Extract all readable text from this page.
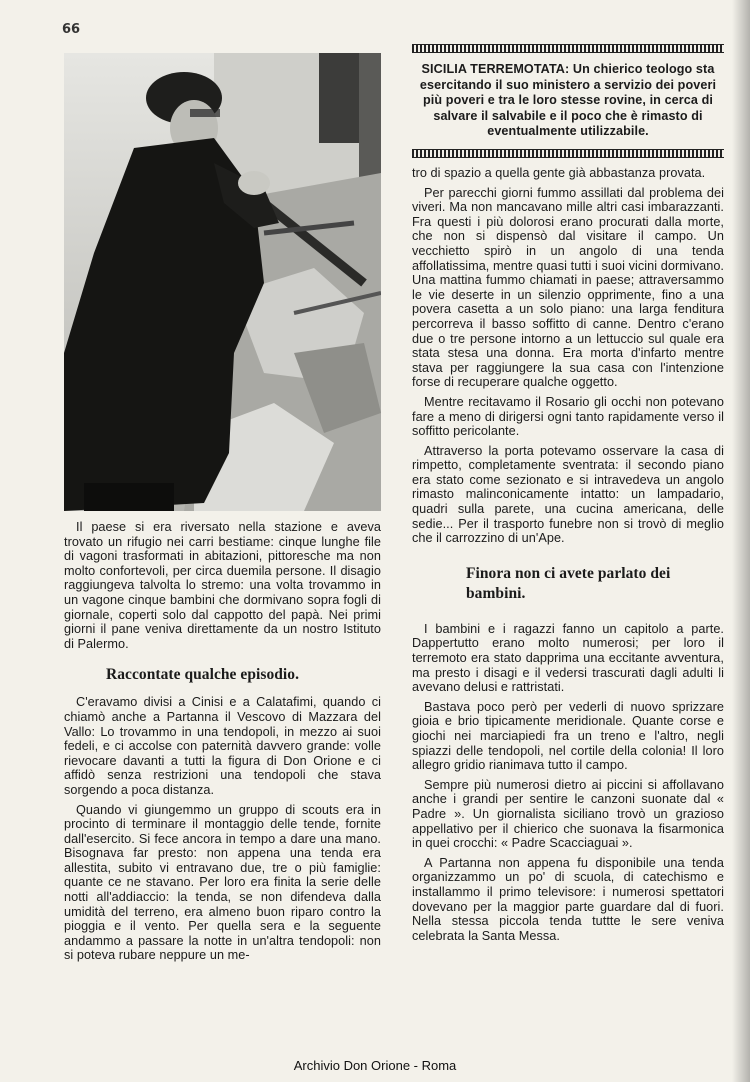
66
SICILIA TERREMOTATA: Un chierico teologo sta esercitando il suo ministero a servizio dei poveri più poveri e tra le loro stesse rovine, in cerca di salvare il salvabile e il poco che è rimasto di eventualmente utilizzabile.

Il paese si era riversato nella stazione e aveva trovato un rifugio nei carri bestiame: cinque lunghe file di vagoni trasformati in abitazioni, pittoresche ma non molto confortevoli, per circa duemila persone. Il disagio raggiungeva talvolta lo stremo: una volta trovammo in un vagone cinque bambini che dormivano sopra fogli di giornale, coperti solo dal cappotto del papà. Nei primi giorni il pane veniva direttamente da un nostro Istituto di Palermo.

Raccontate qualche episodio.

C'eravamo divisi a Cinisi e a Calatafimi, quando ci chiamò anche a Partanna il Vescovo di Mazzara del Vallo: Lo trovammo in una tendopoli, in mezzo ai suoi fedeli, e ci accolse con paternità davvero grande: volle rievocare davanti a tutti la figura di Don Orione e ci affidò senza restrizioni una tendopoli che stava sorgendo a poca distanza.

Quando vi giungemmo un gruppo di scouts era in procinto di terminare il montaggio delle tende, fornite dall'esercito. Si fece ancora in tempo a dare una mano. Bisognava far presto: non appena una tenda era allestita, subito vi entravano due, tre o più famiglie: quante ce ne stavano. Per loro era finita la serie delle notti all'addiaccio: la tenda, se non difendeva dalla umidità del terreno, era almeno buon riparo contro la pioggia e il vento. Per quella sera e la seguente andammo a passare la notte in un'altra tendopoli: non si poteva rubare neppure un me-

tro di spazio a quella gente già abbastanza provata.

Per parecchi giorni fummo assillati dal problema dei viveri. Ma non mancavano mille altri casi imbarazzanti. Fra questi i più dolorosi erano procurati dalla morte, che non si dispensò dal visitare il campo. Un vecchietto spirò in un angolo di una tenda affollatissima, mentre quasi tutti i suoi vicini dormivano. Una mattina fummo chiamati in paese; attraversammo le vie deserte in un silenzio opprimente, fino a una povera casetta a un solo piano: una larga fenditura percorreva il basso soffitto di canne. Dentro c'erano due o tre persone intorno a un lettuccio sul quale era stata stesa una donna. Era morta d'infarto mentre stava per raggiungere la sua casa con l'intenzione forse di recuperare qualche oggetto.

Mentre recitavamo il Rosario gli occhi non potevano fare a meno di dirigersi ogni tanto rapidamente verso il soffitto pericolante.

Attraverso la porta potevamo osservare la casa di rimpetto, completamente sventrata: il secondo piano era stato come sezionato e si intravedeva un angolo rimasto malinconicamente intatto: un lampadario, quadri sulla parete, una cucina americana, delle sedie... Per il trasporto funebre non si trovò di meglio che il carrozzino di un'Ape.

Finora non ci avete parlato dei bambini.

I bambini e i ragazzi fanno un capitolo a parte. Dappertutto erano molto numerosi; per loro il terremoto era stato dapprima una eccitante avventura, ma presto i disagi e il vedersi trascurati dagli adulti li avevano delusi e rattristati.

Bastava poco però per vederli di nuovo sprizzare gioia e brio tipicamente meridionale. Quante corse e giochi nei marciapiedi fra un treno e l'altro, negli spiazzi delle tendopoli, nel cortile della colonia! Il loro allegro gridio rianimava tutto il campo.

Sempre più numerosi dietro ai piccini si affollavano anche i grandi per sentire le canzoni suonate dal « Padre ». Un giornalista siciliano trovò un grazioso appellativo per il chierico che suonava la fisarmonica in quei crocchi: « Padre Scacciaguai ».

A Partanna non appena fu disponibile una tenda organizzammo un po' di scuola, di catechismo e installammo il primo televisore: i numerosi spettatori dovevano per la maggior parte guardare dal di fuori. Nella stessa piccola tenda tuttte le sere veniva celebrata la Santa Messa.

Archivio Don Orione - Roma
